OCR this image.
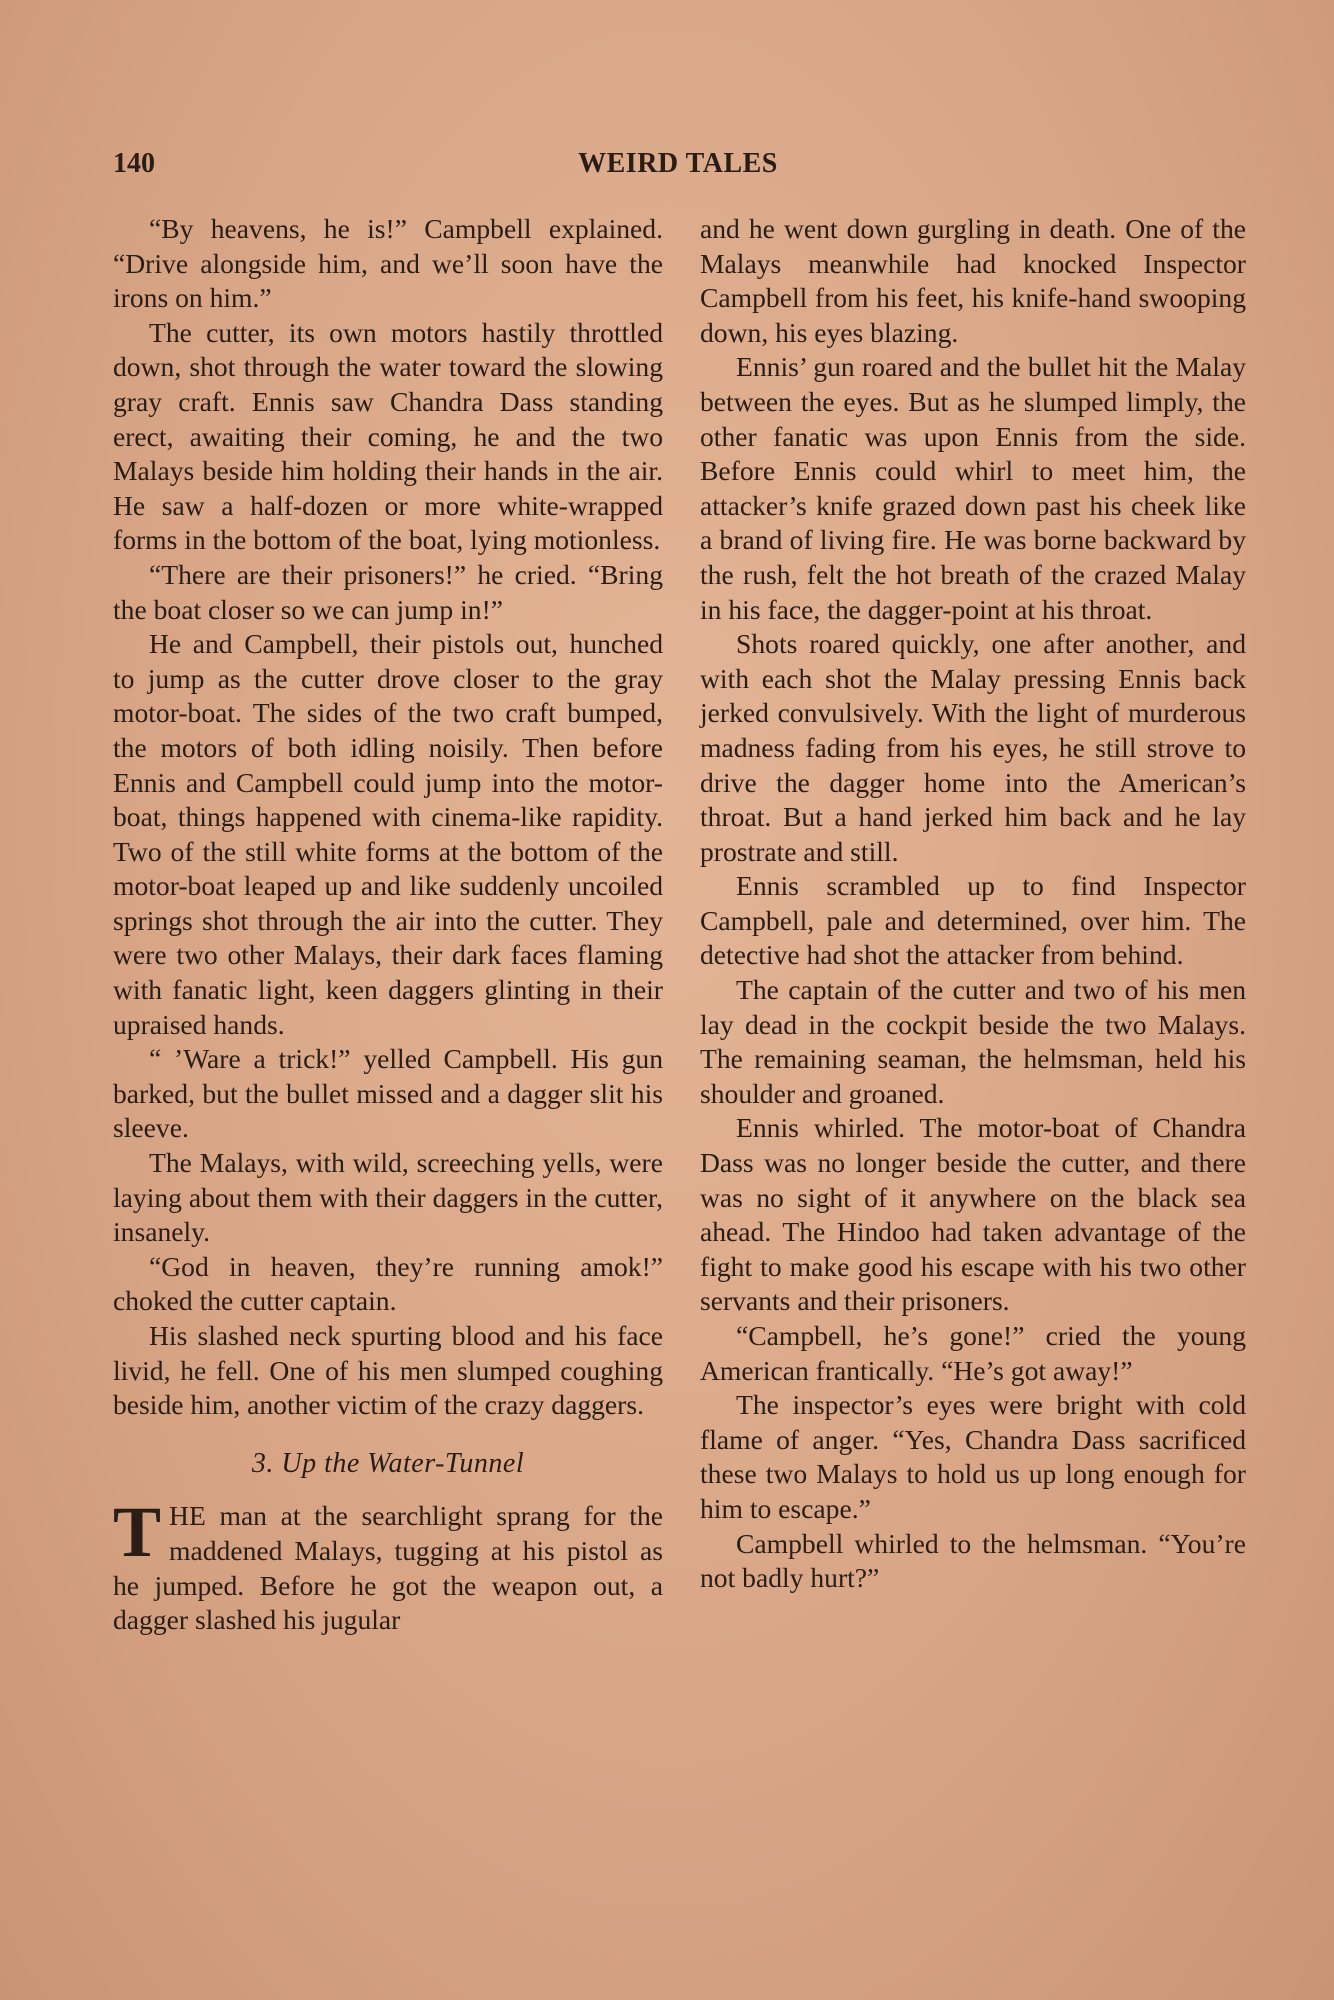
140	WEIRD TALES

“By heavens, he is!” Campbell explained. “Drive alongside him, and we’ll soon have the irons on him.”

The cutter, its own motors hastily throttled down, shot through the water toward the slowing gray craft. Ennis saw Chandra Dass standing erect, awaiting their coming, he and the two Malays beside him holding their hands in the air. He saw a half-dozen or more white-wrapped forms in the bottom of the boat, lying motionless.

“There are their prisoners!” he cried. “Bring the boat closer so we can jump in!”

He and Campbell, their pistols out, hunched to jump as the cutter drove closer to the gray motor-boat. The sides of the two craft bumped, the motors of both idling noisily. Then before Ennis and Campbell could jump into the motor-boat, things happened with cinema-like rapidity. Two of the still white forms at the bottom of the motor-boat leaped up and like suddenly uncoiled springs shot through the air into the cutter. They were two other Malays, their dark faces flaming with fanatic light, keen daggers glinting in their upraised hands.

“ ’Ware a trick!” yelled Campbell. His gun barked, but the bullet missed and a dagger slit his sleeve.

The Malays, with wild, screeching yells, were laying about them with their daggers in the cutter, insanely.

“God in heaven, they’re running amok!” choked the cutter captain.

His slashed neck spurting blood and his face livid, he fell. One of his men slumped coughing beside him, another victim of the crazy daggers.

3. Up the Water-Tunnel

THE man at the searchlight sprang for the maddened Malays, tugging at his pistol as he jumped. Before he got the weapon out, a dagger slashed his jugular

and he went down gurgling in death. One of the Malays meanwhile had knocked Inspector Campbell from his feet, his knife-hand swooping down, his eyes blazing.

Ennis’ gun roared and the bullet hit the Malay between the eyes. But as he slumped limply, the other fanatic was upon Ennis from the side. Before Ennis could whirl to meet him, the attacker’s knife grazed down past his cheek like a brand of living fire. He was borne backward by the rush, felt the hot breath of the crazed Malay in his face, the dagger-point at his throat.

Shots roared quickly, one after another, and with each shot the Malay pressing Ennis back jerked convulsively. With the light of murderous madness fading from his eyes, he still strove to drive the dagger home into the American’s throat. But a hand jerked him back and he lay prostrate and still.

Ennis scrambled up to find Inspector Campbell, pale and determined, over him. The detective had shot the attacker from behind.

The captain of the cutter and two of his men lay dead in the cockpit beside the two Malays. The remaining seaman, the helmsman, held his shoulder and groaned.

Ennis whirled. The motor-boat of Chandra Dass was no longer beside the cutter, and there was no sight of it anywhere on the black sea ahead. The Hindoo had taken advantage of the fight to make good his escape with his two other servants and their prisoners.

“Campbell, he’s gone!” cried the young American frantically. “He’s got away!”

The inspector’s eyes were bright with cold flame of anger. “Yes, Chandra Dass sacrificed these two Malays to hold us up long enough for him to escape.”

Campbell whirled to the helmsman. “You’re not badly hurt?”
